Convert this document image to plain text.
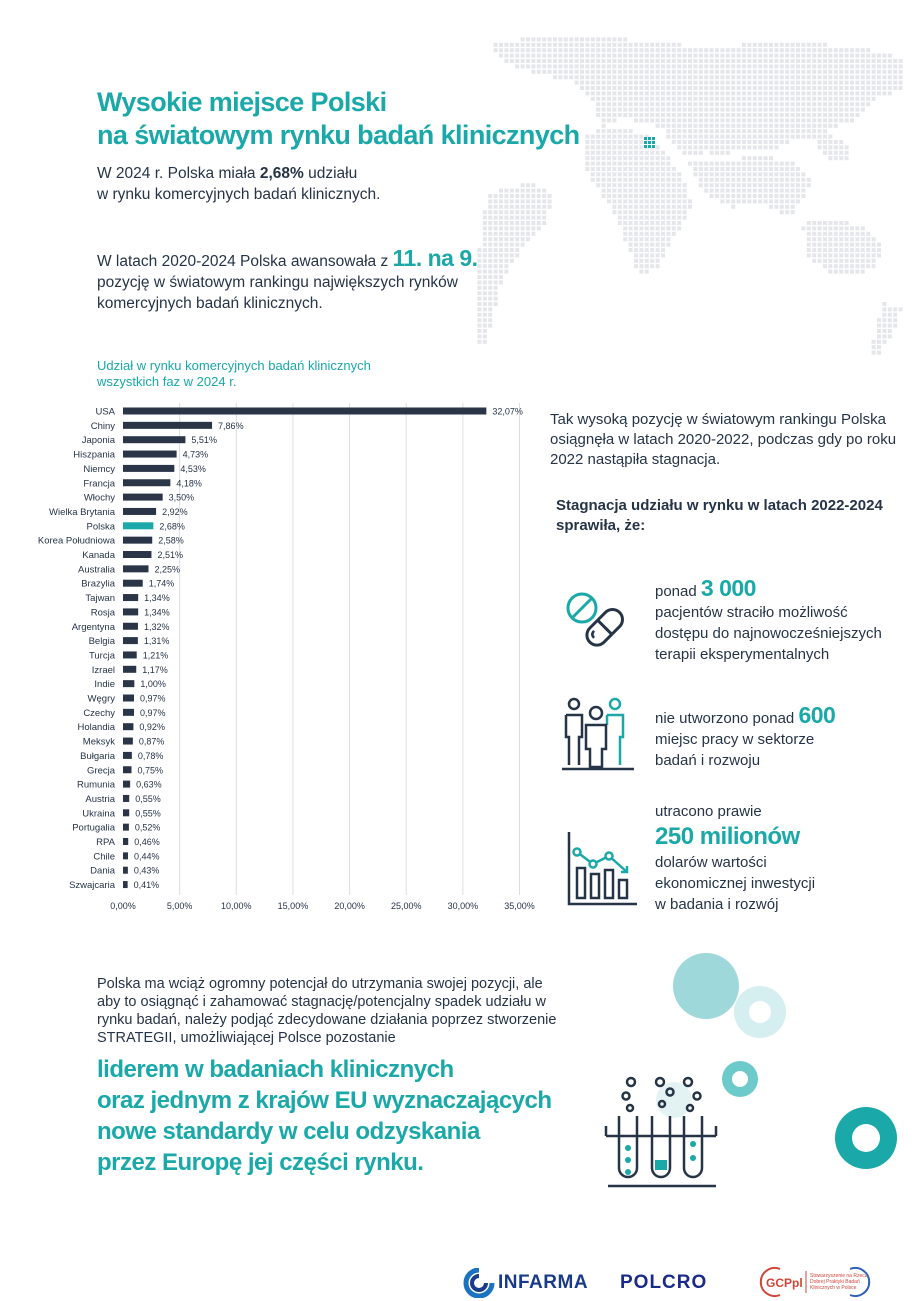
Wysokie miejsce Polski
na światowym rynku badań klinicznych
W 2024 r. Polska miała 2,68% udziału
w rynku komercyjnych badań klinicznych.
W latach 2020-2024 Polska awansowała z 11. na 9.
pozycję w światowym rankingu największych rynków
komercyjnych badań klinicznych.
Udział w rynku komercyjnych badań klinicznych
wszystkich faz w 2024 r.
0,00%	5,00%	10,00%	15,00%	20,00%	25,00%	30,00%	35,00%
USA	32,07%
Chiny	7,86%
Japonia	5,51%
Hiszpania	4,73%
Niemcy	4,53%
Francja	4,18%
Włochy	3,50%
Wielka Brytania	2,92%
Polska	2,68%
Korea Południowa	2,58%
Kanada	2,51%
Australia	2,25%
Brazylia	1,74%
Tajwan	1,34%
Rosja	1,34%
Argentyna	1,32%
Belgia	1,31%
Turcja	1,21%
Izrael	1,17%
Indie	1,00%
Węgry	0,97%
Czechy	0,97%
Holandia	0,92%
Meksyk	0,87%
Bułgaria	0,78%
Grecja 0,75%
Rumunia 0,63%
Austria 0,55%
Ukraina 0,55%
Portugalia 0,52%
RPA 0,46%
Chile 0,44%
Dania 0,43%
Szwajcaria 0,41%
Tak wysoką pozycję w światowym rankingu Polska osiągnęła w latach 2020-2022, podczas gdy po roku 2022 nastąpiła stagnacja.
Stagnacja udziału w rynku w latach 2022-2024 sprawiła, że:
ponad 3 000
pacjentów straciło możliwość
dostępu do najnowocześniejszych
terapii eksperymentalnych
nie utworzono ponad 600
miejsc pracy w sektorze
badań i rozwoju
utracono prawie
250 milionów
dolarów wartości
ekonomicznej inwestycji
w badania i rozwój
Polska ma wciąż ogromny potencjał do utrzymania swojej pozycji, ale aby to osiągnąć i zahamować stagnację/potencjalny spadek udziału w rynku badań, należy podjąć zdecydowane działania poprzez stworzenie STRATEGII, umożliwiającej Polsce pozostanie
liderem w badaniach klinicznych
oraz jednym z krajów EU wyznaczających
nowe standardy w celu odzyskania
przez Europę jej części rynku.
INFARMA POLCRO	GCPpl Stowarzyszenie na Rzecz
Dobrej Praktyki Badań
Klinicznych w Polsce
